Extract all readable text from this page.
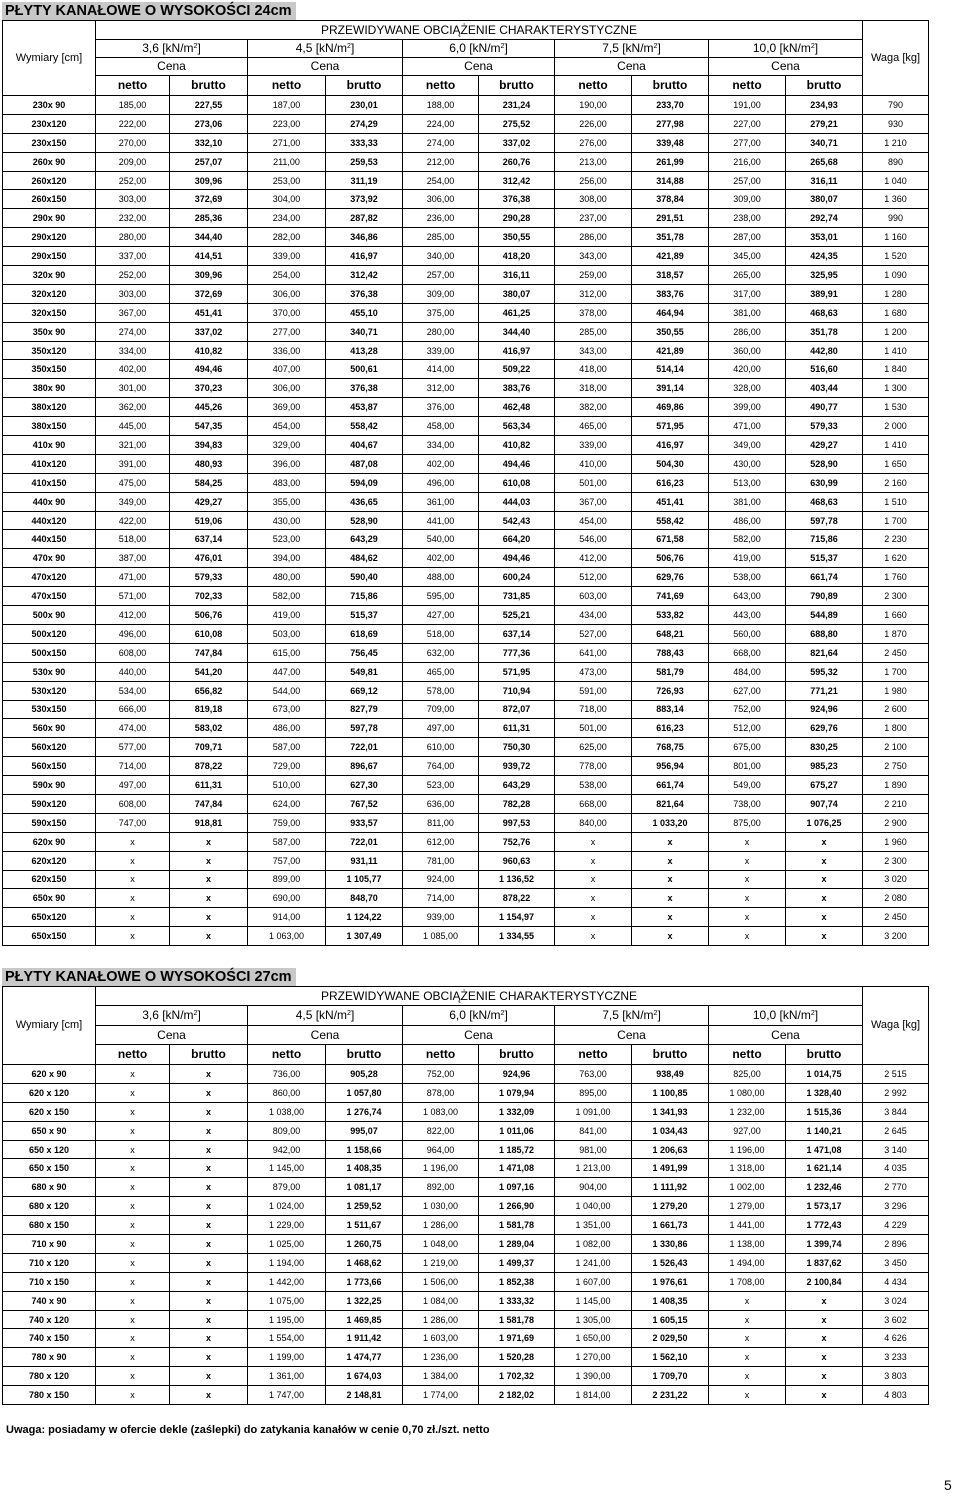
PŁYTY KANAŁOWE O WYSOKOŚCI 24cm
Wymiary [cm]	PRZEWIDYWANE OBCIĄŻENIE CHARAKTERYSTYCZNE										Waga [kg]
	3,6 $[kN/m^2]$		4,5 $[kN/m^2]$		6,0 $[kN/m^2]$		7,5 $[kN/m^2]$		10,0 $[kN/m^2]$		
	Cena		Cena		Cena		Cena		Cena		
	netto	brutto	netto	brutto	netto	brutto	netto	brutto	netto	brutto	
230x 90	185,00	227,55	187,00	230,01	188,00	231,24	190,00	233,70	191,00	234,93	790
230x120	222,00	273,06	223,00	274,29	224,00	275,52	226,00	277,98	227,00	279,21	930
230x150	270,00	332,10	271,00	333,33	274,00	337,02	276,00	339,48	277,00	340,71	1 210
260x 90	209,00	257,07	211,00	259,53	212,00	260,76	213,00	261,99	216,00	265,68	890
260x120	252,00	309,96	253,00	311,19	254,00	312,42	256,00	314,88	257,00	316,11	1 040
260x150	303,00	372,69	304,00	373,92	306,00	376,38	308,00	378,84	309,00	380,07	1 360
290x 90	232,00	285,36	234,00	287,82	236,00	290,28	237,00	291,51	238,00	292,74	990
290x120	280,00	344,40	282,00	346,86	285,00	350,55	286,00	351,78	287,00	353,01	1 160
290x150	337,00	414,51	339,00	416,97	340,00	418,20	343,00	421,89	345,00	424,35	1 520
320x 90	252,00	309,96	254,00	312,42	257,00	316,11	259,00	318,57	265,00	325,95	1 090
320x120	303,00	372,69	306,00	376,38	309,00	380,07	312,00	383,76	317,00	389,91	1 280
320x150	367,00	451,41	370,00	455,10	375,00	461,25	378,00	464,94	381,00	468,63	1 680
350x 90	274,00	337,02	277,00	340,71	280,00	344,40	285,00	350,55	286,00	351,78	1 200
350x120	334,00	410,82	336,00	413,28	339,00	416,97	343,00	421,89	360,00	442,80	1 410
350x150	402,00	494,46	407,00	500,61	414,00	509,22	418,00	514,14	420,00	516,60	1 840
380x 90	301,00	370,23	306,00	376,38	312,00	383,76	318,00	391,14	328,00	403,44	1 300
380x120	362,00	445,26	369,00	453,87	376,00	462,48	382,00	469,86	399,00	490,77	1 530
380x150	445,00	547,35	454,00	558,42	458,00	563,34	465,00	571,95	471,00	579,33	2 000
410x 90	321,00	394,83	329,00	404,67	334,00	410,82	339,00	416,97	349,00	429,27	1 410
410x120	391,00	480,93	396,00	487,08	402,00	494,46	410,00	504,30	430,00	528,90	1 650
410x150	475,00	584,25	483,00	594,09	496,00	610,08	501,00	616,23	513,00	630,99	2 160
440x 90	349,00	429,27	355,00	436,65	361,00	444,03	367,00	451,41	381,00	468,63	1 510
440x120	422,00	519,06	430,00	528,90	441,00	542,43	454,00	558,42	486,00	597,78	1 700
440x150	518,00	637,14	523,00	643,29	540,00	664,20	546,00	671,58	582,00	715,86	2 230
470x 90	387,00	476,01	394,00	484,62	402,00	494,46	412,00	506,76	419,00	515,37	1 620
470x120	471,00	579,33	480,00	590,40	488,00	600,24	512,00	629,76	538,00	661,74	1 760
470x150	571,00	702,33	582,00	715,86	595,00	731,85	603,00	741,69	643,00	790,89	2 300
500x 90	412,00	506,76	419,00	515,37	427,00	525,21	434,00	533,82	443,00	544,89	1 660
500x120	496,00	610,08	503,00	618,69	518,00	637,14	527,00	648,21	560,00	688,80	1 870
500x150	608,00	747,84	615,00	756,45	632,00	777,36	641,00	788,43	668,00	821,64	2 450
530x 90	440,00	541,20	447,00	549,81	465,00	571,95	473,00	581,79	484,00	595,32	1 700
530x120	534,00	656,82	544,00	669,12	578,00	710,94	591,00	726,93	627,00	771,21	1 980
530x150	666,00	819,18	673,00	827,79	709,00	872,07	718,00	883,14	752,00	924,96	2 600
560x 90	474,00	583,02	486,00	597,78	497,00	611,31	501,00	616,23	512,00	629,76	1 800
560x120	577,00	709,71	587,00	722,01	610,00	750,30	625,00	768,75	675,00	830,25	2 100
560x150	714,00	878,22	729,00	896,67	764,00	939,72	778,00	956,94	801,00	985,23	2 750
590x 90	497,00	611,31	510,00	627,30	523,00	643,29	538,00	661,74	549,00	675,27	1 890
590x120	608,00	747,84	624,00	767,52	636,00	782,28	668,00	821,64	738,00	907,74	2 210
590x150	747,00	918,81	759,00	933,57	811,00	997,53	840,00	1 033,20	875,00	1 076,25	2 900
620x 90	x	x	587,00	722,01	612,00	752,76	x	x	x	x	1 960
620x120	x	x	757,00	931,11	781,00	960,63	x	x	x	x	2 300
620x150	x	x	899,00	1 105,77	924,00	1 136,52	x	x	x	x	3 020
650x 90	x	x	690,00	848,70	714,00	878,22	x	x	x	x	2 080
650x120	x	x	914,00	1 124,22	939,00	1 154,97	x	x	x	x	2 450
650x150	x	x	1 063,00	1 307,49	1 085,00	1 334,55	x	x	x	x	3 200
PŁYTY KANAŁOWE O WYSOKOŚCI 27cm
Wymiary [cm]	PRZEWIDYWANE OBCIĄŻENIE CHARAKTERYSTYCZNE										Waga [kg]
	3,6 $[kN/m^2]$		4,5 $[kN/m^2]$		6,0 $[kN/m^2]$		7,5 $[kN/m^2]$		10,0 $[kN/m^2]$		
	Cena		Cena		Cena		Cena		Cena		
	netto	brutto	netto	brutto	netto	brutto	netto	brutto	netto	brutto	
620 x 90	x	x	736,00	905,28	752,00	924,96	763,00	938,49	825,00	1 014,75	2 515
620 x 120	x	x	860,00	1 057,80	878,00	1 079,94	895,00	1 100,85	1 080,00	1 328,40	2 992
620 x 150	x	x	1 038,00	1 276,74	1 083,00	1 332,09	1 091,00	1 341,93	1 232,00	1 515,36	3 844
650 x 90	x	x	809,00	995,07	822,00	1 011,06	841,00	1 034,43	927,00	1 140,21	2 645
650 x 120	x	x	942,00	1 158,66	964,00	1 185,72	981,00	1 206,63	1 196,00	1 471,08	3 140
650 x 150	x	x	1 145,00	1 408,35	1 196,00	1 471,08	1 213,00	1 491,99	1 318,00	1 621,14	4 035
680 x 90	x	x	879,00	1 081,17	892,00	1 097,16	904,00	1 111,92	1 002,00	1 232,46	2 770
680 x 120	x	x	1 024,00	1 259,52	1 030,00	1 266,90	1 040,00	1 279,20	1 279,00	1 573,17	3 296
680 x 150	x	x	1 229,00	1 511,67	1 286,00	1 581,78	1 351,00	1 661,73	1 441,00	1 772,43	4 229
710 x 90	x	x	1 025,00	1 260,75	1 048,00	1 289,04	1 082,00	1 330,86	1 138,00	1 399,74	2 896
710 x 120	x	x	1 194,00	1 468,62	1 219,00	1 499,37	1 241,00	1 526,43	1 494,00	1 837,62	3 450
710 x 150	x	x	1 442,00	1 773,66	1 506,00	1 852,38	1 607,00	1 976,61	1 708,00	2 100,84	4 434
740 x 90	x	x	1 075,00	1 322,25	1 084,00	1 333,32	1 145,00	1 408,35	x	x	3 024
740 x 120	x	x	1 195,00	1 469,85	1 286,00	1 581,78	1 305,00	1 605,15	x	x	3 602
740 x 150	x	x	1 554,00	1 911,42	1 603,00	1 971,69	1 650,00	2 029,50	x	x	4 626
780 x 90	x	x	1 199,00	1 474,77	1 236,00	1 520,28	1 270,00	1 562,10	x	x	3 233
780 x 120	x	x	1 361,00	1 674,03	1 384,00	1 702,32	1 390,00	1 709,70	x	x	3 803
780 x 150	x	x	1 747,00	2 148,81	1 774,00	2 182,02	1 814,00	2 231,22	x	x	4 803
Uwaga: posiadamy w ofercie dekle (zaślepki) do zatykania kanałów w cenie 0,70 zł./szt. netto
5
